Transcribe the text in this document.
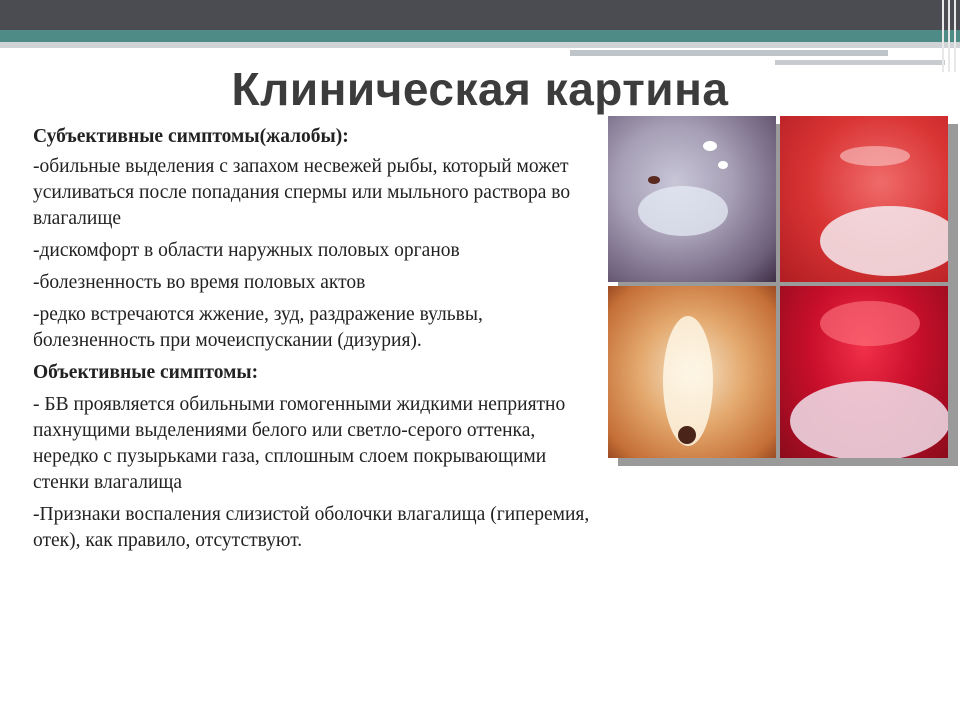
Клиническая картина

Субъективные симптомы(жалобы):

-обильные выделения с запахом несвежей рыбы, который может усиливаться после попадания спермы или мыльного раствора во влагалище

-дискомфорт в области наружных половых органов

-болезненность во время половых актов

-редко встречаются жжение, зуд, раздражение вульвы, болезненность при мочеиспускании (дизурия).

Объективные симптомы:

- БВ проявляется обильными гомогенными жидкими неприятно пахнущими выделениями белого или светло-серого оттенка, нередко с пузырьками газа, сплошным слоем покрывающими стенки влагалища

-Признаки воспаления слизистой оболочки влагалища (гиперемия, отек), как правило, отсутствуют.
